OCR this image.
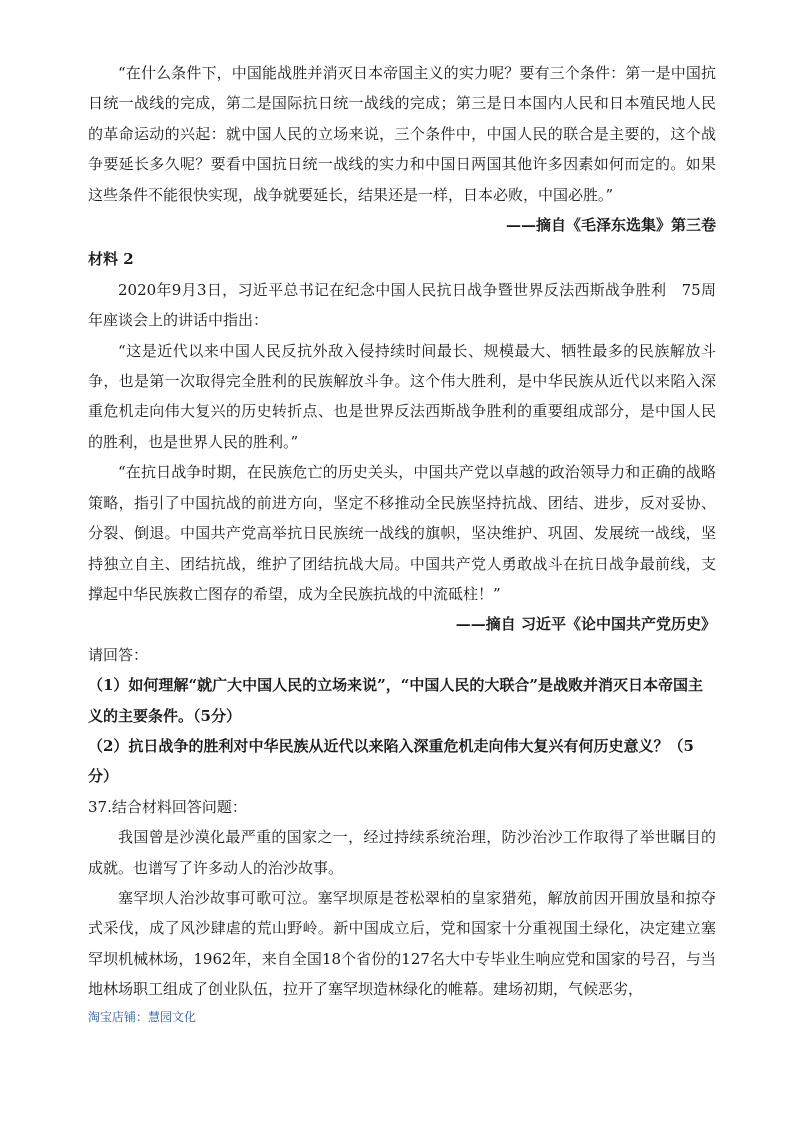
“在什么条件下，中国能战胜并消灭日本帝国主义的实力呢？要有三个条件：第一是中国抗日统一战线的完成，第二是国际抗日统一战线的完成；第三是日本国内人民和日本殖民地人民的革命运动的兴起：就中国人民的立场来说，三个条件中，中国人民的联合是主要的，这个战争要延长多久呢？要看中国抗日统一战线的实力和中国日两国其他许多因素如何而定的。如果这些条件不能很快实现，战争就要延长，结果还是一样，日本必败，中国必胜。”

——摘自《毛泽东选集》第三卷

材料 2

2020年9月3日，习近平总书记在纪念中国人民抗日战争暨世界反法西斯战争胜利　75周年座谈会上的讲话中指出：

“这是近代以来中国人民反抗外敌入侵持续时间最长、规模最大、牺牲最多的民族解放斗争，也是第一次取得完全胜利的民族解放斗争。这个伟大胜利，是中华民族从近代以来陷入深重危机走向伟大复兴的历史转折点、也是世界反法西斯战争胜利的重要组成部分，是中国人民的胜利，也是世界人民的胜利。”

“在抗日战争时期，在民族危亡的历史关头，中国共产党以卓越的政治领导力和正确的战略策略，指引了中国抗战的前进方向，坚定不移推动全民族坚持抗战、团结、进步，反对妥协、分裂、倒退。中国共产党高举抗日民族统一战线的旗帜，坚决维护、巩固、发展统一战线，坚持独立自主、团结抗战，维护了团结抗战大局。中国共产党人勇敢战斗在抗日战争最前线，支撑起中华民族救亡图存的希望，成为全民族抗战的中流砥柱！”

——摘自 习近平《论中国共产党历史》

请回答：

（1）如何理解“就广大中国人民的立场来说”，“中国人民的大联合”是战败并消灭日本帝国主义的主要条件。（5分）

（2）抗日战争的胜利对中华民族从近代以来陷入深重危机走向伟大复兴有何历史意义？（5分）

37.结合材料回答问题：

我国曾是沙漠化最严重的国家之一，经过持续系统治理，防沙治沙工作取得了举世瞩目的成就。也谱写了许多动人的治沙故事。

塞罕坝人治沙故事可歌可泣。塞罕坝原是苍松翠柏的皇家猎苑，解放前因开围放垦和掠夺式采伐，成了风沙肆虐的荒山野岭。新中国成立后，党和国家十分重视国土绿化，决定建立塞罕坝机械林场，1962年，来自全国18个省份的127名大中专毕业生响应党和国家的号召，与当地林场职工组成了创业队伍，拉开了塞罕坝造林绿化的帷幕。建场初期，气候恶劣，

淘宝店铺：慧园文化
